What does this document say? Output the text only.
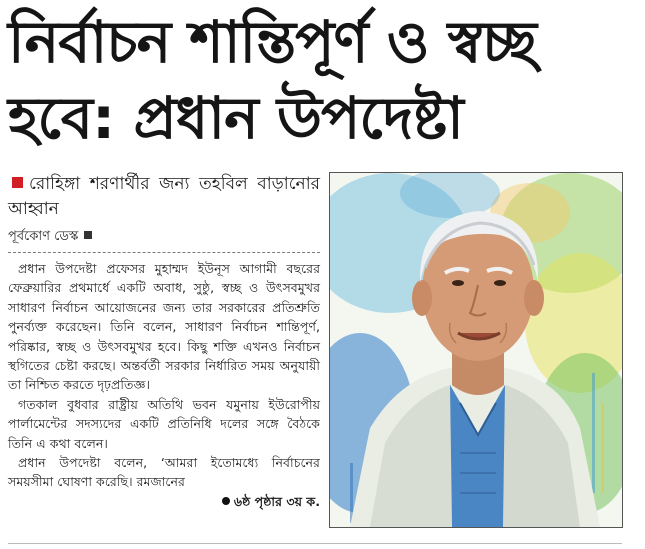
নির্বাচন শান্তিপূর্ণ ও স্বচ্ছ
হবে: প্রধান উপদেষ্টা
রোহিঙ্গা শরণার্থীর জন্য তহবিল বাড়ানোর আহ্বান
পূর্বকোণ ডেস্ক

প্রধান উপদেষ্টা প্রফেসর মুহাম্মদ ইউনূস আগামী বছরের ফেব্রুয়ারির প্রথমার্ধে একটি অবাধ, সুষ্ঠু, স্বচ্ছ ও উৎসবমুখর সাধারণ নির্বাচন আয়োজনের জন্য তার সরকারের প্রতিশ্রুতি পুনর্ব্যক্ত করেছেন। তিনি বলেন, সাধারণ নির্বাচন শান্তিপূর্ণ, পরিষ্কার, স্বচ্ছ ও উৎসবমুখর হবে। কিছু শক্তি এখনও নির্বাচন স্থগিতের চেষ্টা করছে। অন্তর্বর্তী সরকার নির্ধারিত সময় অনুযায়ী তা নিশ্চিত করতে দৃঢ়প্রতিজ্ঞ।

গতকাল বুধবার রাষ্ট্রীয় অতিথি ভবন যমুনায় ইউরোপীয় পার্লামেন্টের সদস্যদের একটি প্রতিনিধি দলের সঙ্গে বৈঠকে তিনি এ কথা বলেন।

প্রধান উপদেষ্টা বলেন, ‘আমরা ইতোমধ্যে নির্বাচনের সময়সীমা ঘোষণা করেছি। রমজানের

৬ষ্ঠ পৃষ্ঠার ৩য় ক.
